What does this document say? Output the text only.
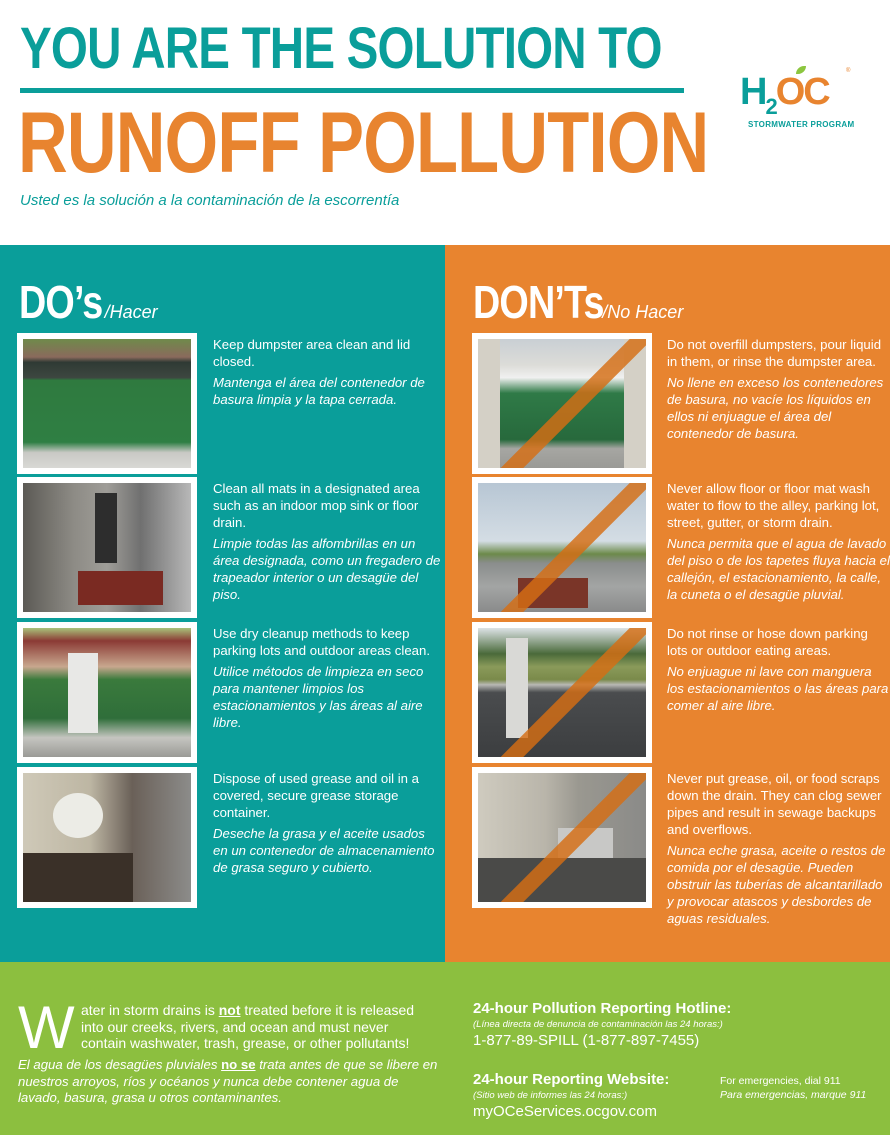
YOU ARE THE SOLUTION TO
RUNOFF POLLUTION
Usted es la solución a la contaminación de la escorrentía
$H_2OC$	®
STORMWATER PROGRAM
DO’s /Hacer
Keep dumpster area clean and lid closed.
Mantenga el área del contenedor de basura limpia y la tapa cerrada.
Clean all mats in a designated area such as an indoor mop sink or floor drain.
Limpie todas las alfombrillas en un área designada, como un fregadero de trapeador interior o un desagüe del piso.
Use dry cleanup methods to keep parking lots and outdoor areas clean.
Utilice métodos de limpieza en seco para mantener limpios los estacionamientos y las áreas al aire libre.
Dispose of used grease and oil in a covered, secure grease storage container.
Deseche la grasa y el aceite usados en un contenedor de almacenamiento de grasa seguro y cubierto.
DON’Ts/No Hacer
Do not overfill dumpsters, pour liquid in them, or rinse the dumpster area.
No llene en exceso los contenedores de basura, no vacíe los líquidos en ellos ni enjuague el área del contenedor de basura.
Never allow floor or floor mat wash water to flow to the alley, parking lot, street, gutter, or storm drain.
Nunca permita que el agua de lavado del piso o de los tapetes fluya hacia el callejón, el estacionamiento, la calle, la cuneta o el desagüe pluvial.
Do not rinse or hose down parking lots or outdoor eating areas.
No enjuague ni lave con manguera los estacionamientos o las áreas para comer al aire libre.
Never put grease, oil, or food scraps down the drain. They can clog sewer pipes and result in sewage backups and overflows.
Nunca eche grasa, aceite o restos de comida por el desagüe. Pueden obstruir las tuberías de alcantarillado y provocar atascos y desbordes de aguas residuales.
W ater in storm drains is not treated before it is released into our creeks, rivers, and ocean and must never contain washwater, trash, grease, or other pollutants!
El agua de los desagües pluviales no se trata antes de que se libere en nuestros arroyos, ríos y océanos y nunca debe contener agua de lavado, basura, grasa u otros contaminantes.
24-hour Pollution Reporting Hotline:
(Línea directa de denuncia de contaminación las 24 horas:)
1-877-89-SPILL (1-877-897-7455)
24-hour Reporting Website:
(Sitio web de informes las 24 horas:)
myOCeServices.ocgov.com
For emergencies, dial 911
Para emergencias, marque 911
